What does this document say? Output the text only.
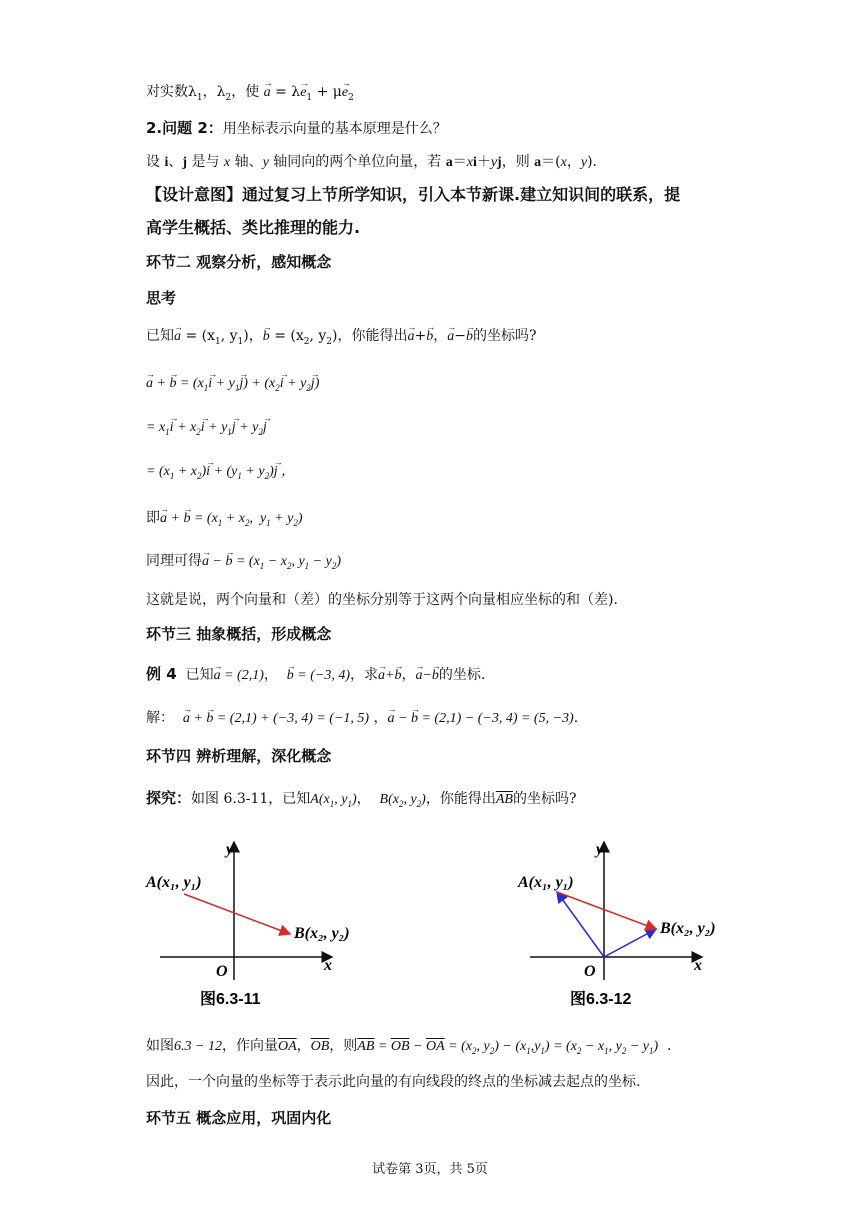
对实数$\lambda_1$，$\lambda_2$，使 → $a = \lambda\to e_1 + \mu\to e_2$
2.问题 2：用坐标表示向量的基本原理是什么？
设 i、j 是与 x 轴、y 轴同向的两个单位向量，若 a＝xi＋yj，则 a＝(x，y).
【设计意图】通过复习上节所学知识，引入本节新课.建立知识间的联系，提
高学生概括、类比推理的能力.
环节二 观察分析，感知概念
思考
已知→ $a = (x_1$, $y_1$)，→ $b = (x_2$, $y_2$)，你能得出→ a+→ b，→ a−→ b的坐标吗?
→ a + → $b = (x_1\to i + y_1\to j) + (x_2\to i + y_2\to j)$
= $x_1\to i + x_2\to i + y_1\to j + y_2\to j$
= $(x_1 + x_2)\to i + (y_1 + y_2)\to j$ ，
即→ a + → $b = (x_1 + x_2$,  $y_1 + y_2$)
同理可得→ a − → $b = (x_1 - x_2$, $y_1 - y_2$)
这就是说，两个向量和（差）的坐标分别等于这两个向量相应坐标的和（差).
环节三 抽象概括，形成概念
例 4 已知→ a = (2,1)，  → b = (−3, 4)，求→ a+→ b，→ a−→ b的坐标.
解： → a + → b = (2,1) + (−3, 4) = (−1, 5) ，→ a − → b = (2,1) − (−3, 4) = (5, −3).
环节四 辨析理解，深化概念
探究：如图 6.3-11，已知$A(x_1$, $y_1$)，  $B(x_2$, $y_2$)，你能得出$\overline{AB}$的坐标吗?
y
x
O
A(x₁, y₁)
B(x₂, y₂)
图6.3-11
y
x
O
A(x₁, y₁)
B(x₂, y₂)
图6.3-12
如图6.3 − 12，作向量$\overline{OA}$，$\overline{OB}$，则$\overline{AB} = \overline{OB} - \overline{OA} = (x_2$, $y_2) - (x_1,y_1) = (x_2 - x_1$, $y_2 - y_1$)  .
因此，一个向量的坐标等于表示此向量的有向线段的终点的坐标减去起点的坐标.
环节五 概念应用，巩固内化
试卷第 3页，共 5页
